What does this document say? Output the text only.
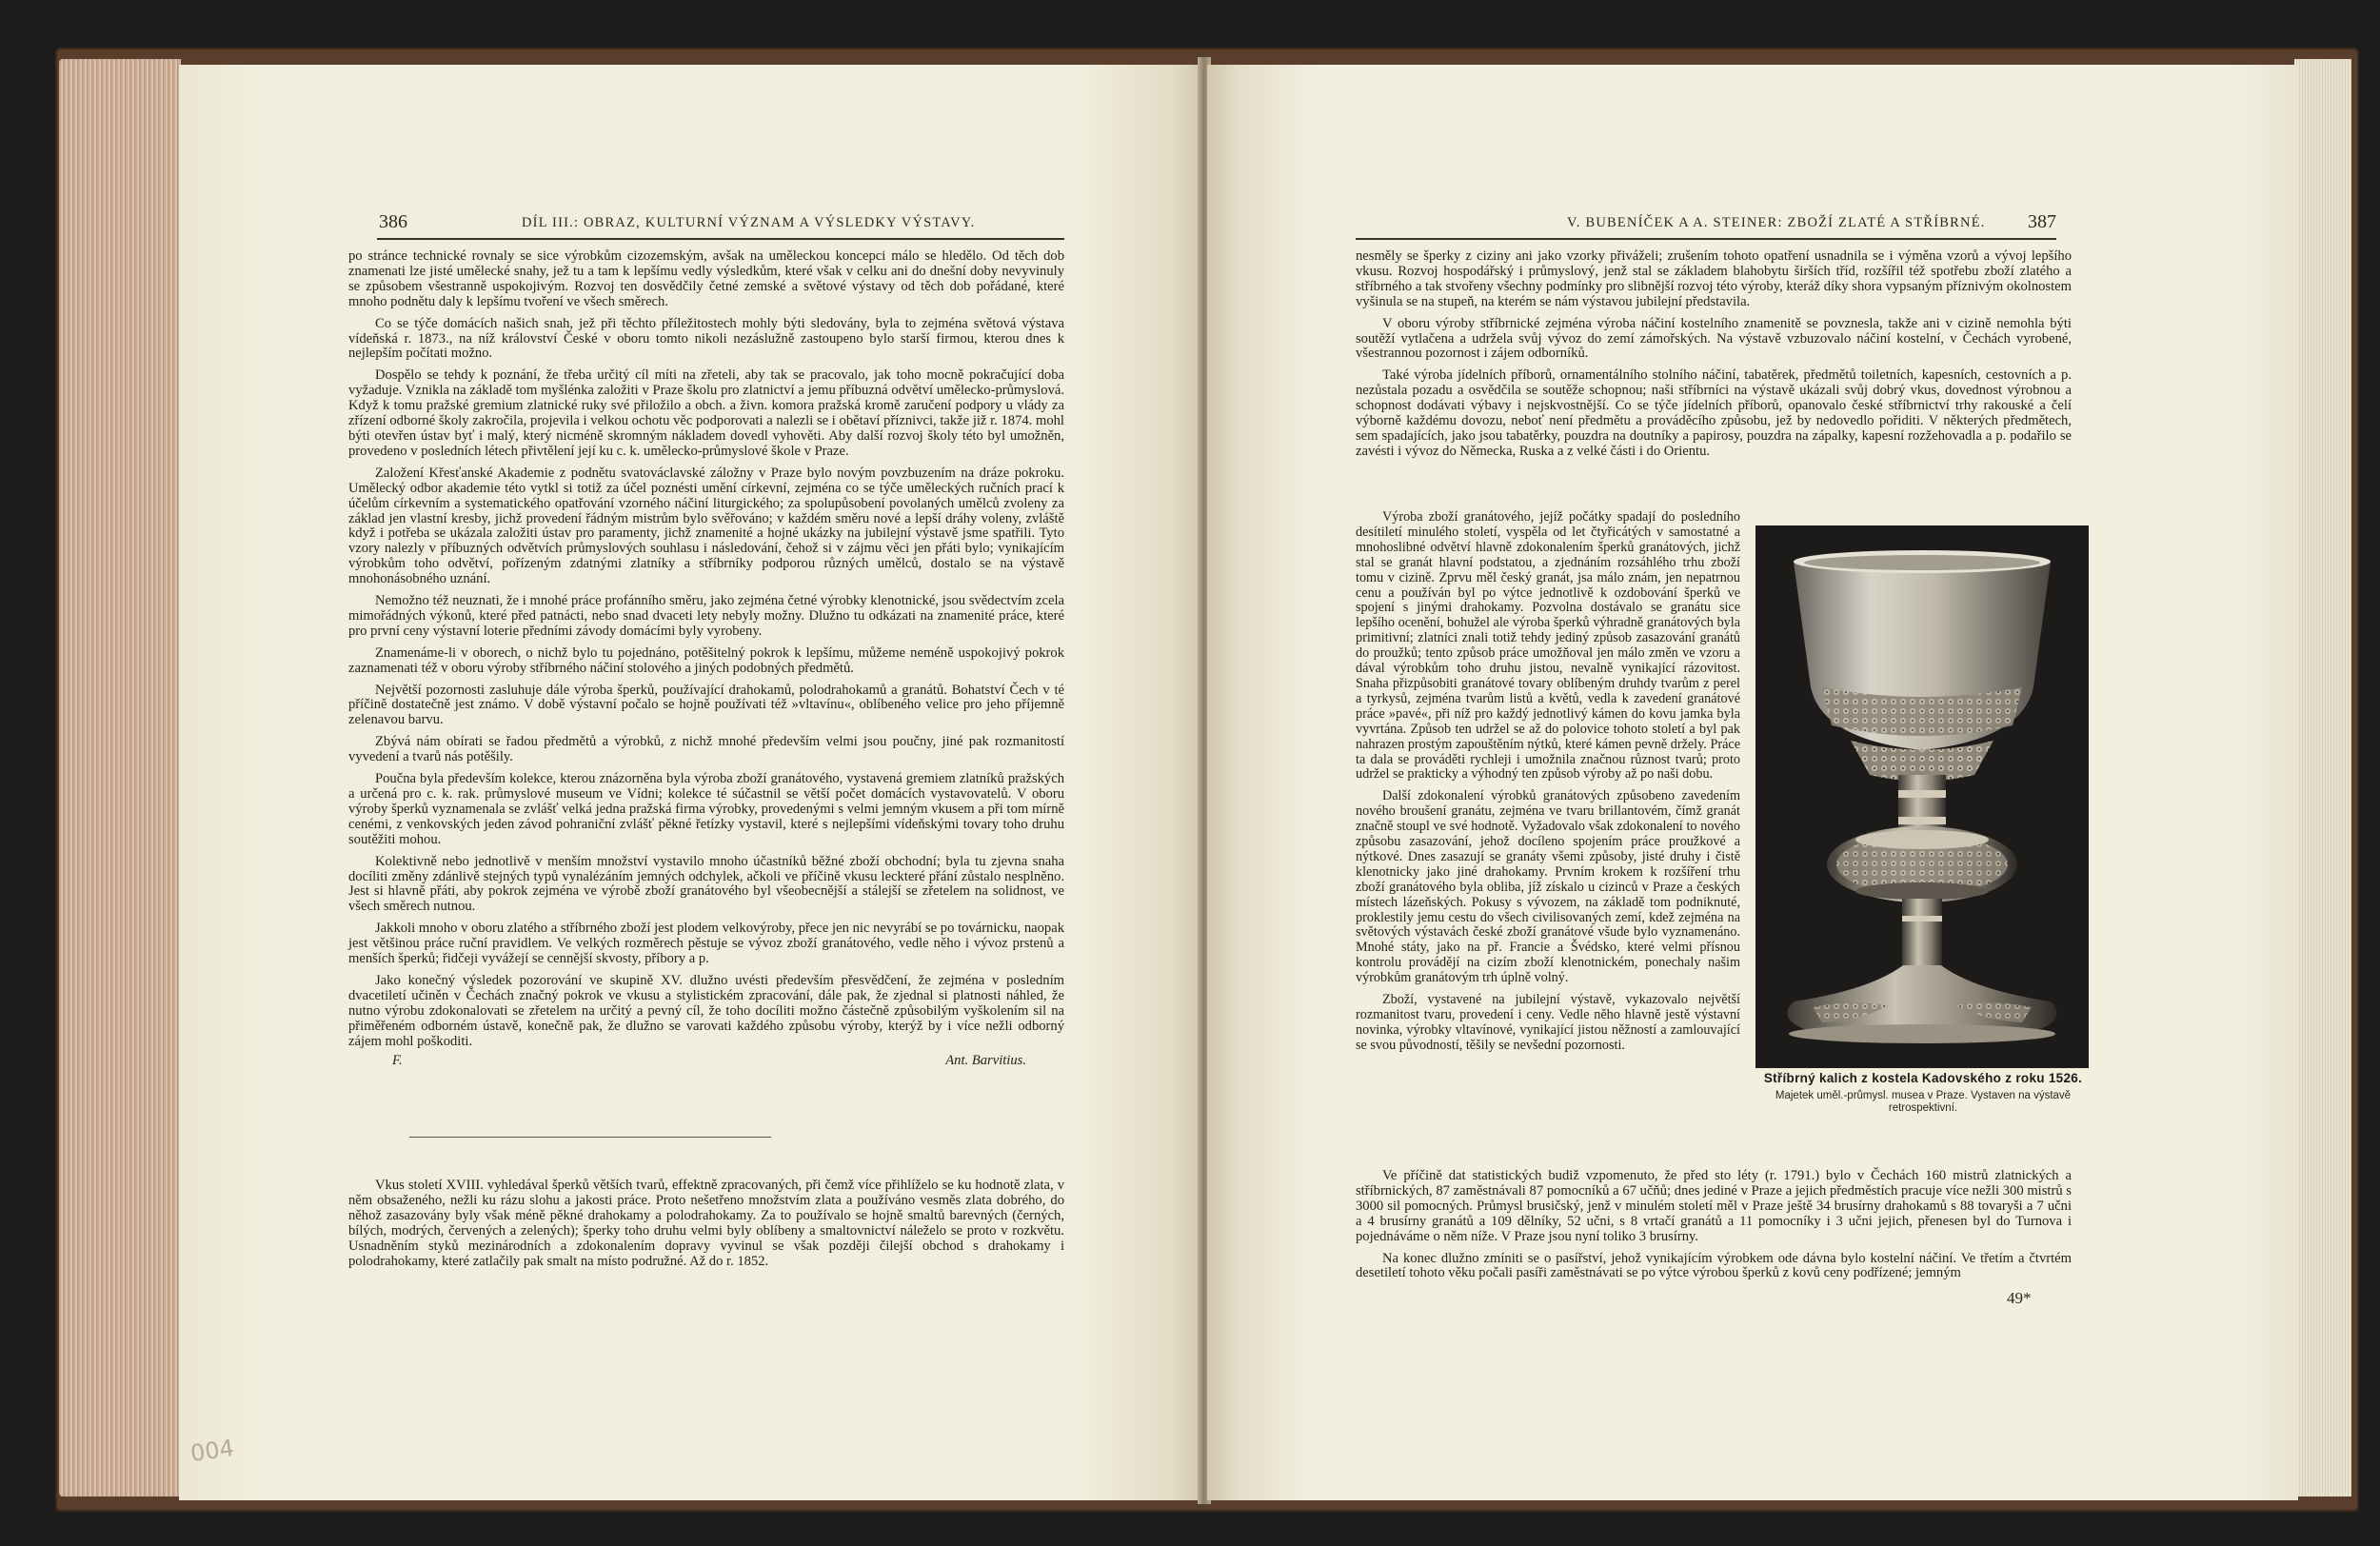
386	DÍL III.: OBRAZ, KULTURNÍ VÝZNAM A VÝSLEDKY VÝSTAVY.

po stránce technické rovnaly se sice výrobkům cizozemským, avšak na uměleckou koncepci málo se hledělo. Od těch dob znamenati lze jisté umělecké snahy, jež tu a tam k lepšímu vedly výsledkům, které však v celku ani do dnešní doby nevyvinuly se způsobem všestranně uspokojivým. Rozvoj ten dosvědčily četné zemské a světové výstavy od těch dob pořádané, které mnoho podnětu daly k lepšímu tvoření ve všech směrech.

Co se týče domácích našich snah, jež při těchto příležitostech mohly býti sledovány, byla to zejména světová výstava vídeňská r. 1873., na níž království České v oboru tomto nikoli nezáslužně zastoupeno bylo starší firmou, kterou dnes k nejlepším počítati možno.

Dospělo se tehdy k poznání, že třeba určitý cíl míti na zřeteli, aby tak se pracovalo, jak toho mocně pokračující doba vyžaduje. Vznikla na základě tom myšlénka založiti v Praze školu pro zlatnictví a jemu příbuzná odvětví umělecko-průmyslová. Když k tomu pražské gremium zlatnické ruky své přiložilo a obch. a živn. komora pražská kromě zaručení podpory u vlády za zřízení odborné školy zakročila, projevila i velkou ochotu věc podporovati a nalezli se i obětaví příznivci, takže již r. 1874. mohl býti otevřen ústav byť i malý, který nicméně skromným nákladem dovedl vyhověti. Aby další rozvoj školy této byl umožněn, provedeno v posledních létech přivtělení její ku c. k. umělecko-průmyslové škole v Praze.

Založení Křesťanské Akademie z podnětu svatováclavské záložny v Praze bylo novým povzbuzením na dráze pokroku. Umělecký odbor akademie této vytkl si totiž za účel poznésti umění církevní, zejména co se týče uměleckých ručních prací k účelům církevním a systematického opatřování vzorného náčiní liturgického; za spolupůsobení povolaných umělců zvoleny za základ jen vlastní kresby, jichž provedení řádným mistrům bylo svěřováno; v každém směru nové a lepší dráhy voleny, zvláště když i potřeba se ukázala založiti ústav pro paramenty, jichž znamenité a hojné ukázky na jubilejní výstavě jsme spatřili. Tyto vzory nalezly v příbuzných odvětvích průmyslových souhlasu i následování, čehož si v zájmu věci jen přáti bylo; vynikajícím výrobkům toho odvětví, pořízeným zdatnými zlatníky a stříbrníky podporou různých umělců, dostalo se na výstavě mnohonásobného uznání.

Nemožno též neuznati, že i mnohé práce profánního směru, jako zejména četné výrobky klenotnické, jsou svědectvím zcela mimořádných výkonů, které před patnácti, nebo snad dvaceti lety nebyly možny. Dlužno tu odkázati na znamenité práce, které pro první ceny výstavní loterie předními závody domácími byly vyrobeny.

Znamenáme-li v oborech, o nichž bylo tu pojednáno, potěšitelný pokrok k lepšímu, můžeme neméně uspokojivý pokrok zaznamenati též v oboru výroby stříbrného náčiní stolového a jiných podobných předmětů.

Největší pozornosti zasluhuje dále výroba šperků, používající drahokamů, polodrahokamů a granátů. Bohatství Čech v té příčině dostatečně jest známo. V době výstavní počalo se hojně používati též »vltavínu«, oblíbeného velice pro jeho příjemně zelenavou barvu.

Zbývá nám obírati se řadou předmětů a výrobků, z nichž mnohé především velmi jsou poučny, jiné pak rozmanitostí vyvedení a tvarů nás potěšily.

Poučna byla především kolekce, kterou znázorněna byla výroba zboží granátového, vystavená gremiem zlatníků pražských a určená pro c. k. rak. průmyslové museum ve Vídni; kolekce té súčastnil se větší počet domácích vystavovatelů. V oboru výroby šperků vyznamenala se zvlášť velká jedna pražská firma výrobky, provedenými s velmi jemným vkusem a při tom mírně cenémi, z venkovských jeden závod pohraniční zvlášť pěkné řetízky vystavil, které s nejlepšími vídeňskými tovary toho druhu soutěžiti mohou.

Kolektivně nebo jednotlivě v menším množství vystavilo mnoho účastníků běžné zboží obchodní; byla tu zjevna snaha docíliti změny zdánlivě stejných typů vynalézáním jemných odchylek, ačkoli ve příčině vkusu leckteré přání zůstalo nesplněno. Jest si hlavně přáti, aby pokrok zejména ve výrobě zboží granátového byl všeobecnější a stálejší se zřetelem na solidnost, ve všech směrech nutnou.

Jakkoli mnoho v oboru zlatého a stříbrného zboží jest plodem velkovýroby, přece jen nic nevyrábí se po továrnicku, naopak jest většinou práce ruční pravidlem. Ve velkých rozměrech pěstuje se vývoz zboží granátového, vedle něho i vývoz prstenů a menších šperků; řidčeji vyvážejí se cennější skvosty, příbory a p.

Jako konečný výsledek pozorování ve skupině XV. dlužno uvésti především přesvědčení, že zejména v posledním dvacetiletí učiněn v Čechách značný pokrok ve vkusu a stylistickém zpracování, dále pak, že zjednal si platnosti náhled, že nutno výrobu zdokonalovati se zřetelem na určitý a pevný cíl, že toho docíliti možno částečně způsobilým vyškolením sil na přiměřeném odborném ústavě, konečně pak, že dlužno se varovati každého způsobu výroby, kterýž by i více nežli odborný zájem mohl poškoditi.

F.	Ant. Barvitius.

Vkus století XVIII. vyhledával šperků větších tvarů, effektně zpracovaných, při čemž více přihlíželo se ku hodnotě zlata, v něm obsaženého, nežli ku rázu slohu a jakosti práce. Proto nešetřeno množstvím zlata a používáno vesměs zlata dobrého, do něhož zasazovány byly však méně pěkné drahokamy a polodrahokamy. Za to používalo se hojně smaltů barevných (černých, bílých, modrých, červených a zelených); šperky toho druhu velmi byly oblíbeny a smaltovnictví náleželo se proto v rozkvětu. Usnadněním styků mezinárodních a zdokonalením dopravy vyvinul se však později čilejší obchod s drahokamy i polodrahokamy, které zatlačily pak smalt na místo podružné. Až do r. 1852.

004
V. BUBENÍČEK A A. STEINER: ZBOŽÍ ZLATÉ A STŘÍBRNÉ. 387

nesměly se šperky z ciziny ani jako vzorky přiváželi; zrušením tohoto opatření usnadnila se i výměna vzorů a vývoj lepšího vkusu. Rozvoj hospodářský i průmyslový, jenž stal se základem blahobytu širších tříd, rozšířil též spotřebu zboží zlatého a stříbrného a tak stvořeny všechny podmínky pro slibnější rozvoj této výroby, kteráž díky shora vypsaným příznivým okolnostem vyšinula se na stupeň, na kterém se nám výstavou jubilejní představila.

V oboru výroby stříbrnické zejména výroba náčiní kostelního znamenitě se povznesla, takže ani v cizině nemohla býti soutěží vytlačena a udržela svůj vývoz do zemí zámořských. Na výstavě vzbuzovalo náčiní kostelní, v Čechách vyrobené, všestrannou pozornost i zájem odborníků.

Také výroba jídelních příborů, ornamentálního stolního náčiní, tabatěrek, předmětů toiletních, kapesních, cestovních a p. nezůstala pozadu a osvědčila se soutěže schopnou; naši stříbrníci na výstavě ukázali svůj dobrý vkus, dovednost výrobnou a schopnost dodávati výbavy i nejskvostnější. Co se týče jídelních příborů, opanovalo české stříbrnictví trhy rakouské a čelí výborně každému dovozu, neboť není předmětu a prováděcího způsobu, jež by nedovedlo pořiditi. V některých předmětech, sem spadajících, jako jsou tabatěrky, pouzdra na doutníky a papirosy, pouzdra na zápalky, kapesní rozžehovadla a p. podařilo se zavésti i vývoz do Německa, Ruska a z velké části i do Orientu.

Výroba zboží granátového, jejíž počátky spadají do posledního desítiletí minulého století, vyspěla od let čtyřicátých v samostatné a mnohoslibné odvětví hlavně zdokonalením šperků granátových, jichž stal se granát hlavní podstatou, a zjednáním rozsáhlého trhu zboží tomu v cizině. Zprvu měl český granát, jsa málo znám, jen nepatrnou cenu a používán byl po výtce jednotlivě k ozdobování šperků ve spojení s jinými drahokamy. Pozvolna dostávalo se granátu sice lepšího ocenění, bohužel ale výroba šperků výhradně granátových byla primitivní; zlatníci znali totiž tehdy jediný způsob zasazování granátů do proužků; tento způsob práce umožňoval jen málo změn ve vzoru a dával výrobkům toho druhu jistou, nevalně vynikající rázovitost. Snaha přizpůsobiti granátové tovary oblíbeným druhdy tvarům z perel a tyrkysů, zejména tvarům listů a květů, vedla k zavedení granátové práce »pavé«, při níž pro každý jednotlivý kámen do kovu jamka byla vyvrtána. Způsob ten udržel se až do polovice tohoto století a byl pak nahrazen prostým zapouštěním nýtků, které kámen pevně držely. Práce ta dala se prováděti rychleji i umožnila značnou různost tvarů; proto udržel se prakticky a výhodný ten způsob výroby až po naši dobu.

Další zdokonalení výrobků granátových způsobeno zavedením nového broušení granátu, zejména ve tvaru brillantovém, čímž granát značně stoupl ve své hodnotě. Vyžadovalo však zdokonalení to nového způsobu zasazování, jehož docíleno spojením práce proužkové a nýtkové. Dnes zasazují se granáty všemi způsoby, jisté druhy i čistě klenotnicky jako jiné drahokamy. Prvním krokem k rozšíření trhu zboží granátového byla obliba, jíž získalo u cizinců v Praze a českých místech lázeňských. Pokusy s vývozem, na základě tom podniknuté, proklestily jemu cestu do všech civilisovaných zemí, kdež zejména na světových výstavách české zboží granátové všude bylo vyznamenáno. Mnohé státy, jako na př. Francie a Švédsko, které velmi přísnou kontrolu provádějí na cizím zboží klenotnickém, ponechaly našim výrobkům granátovým trh úplně volný.

Zboží, vystavené na jubilejní výstavě, vykazovalo největší rozmanitost tvaru, provedení i ceny. Vedle něho hlavně jestě výstavní novinka, výrobky vltavínové, vynikající jistou něžností a zamlouvající se svou původností, těšily se nevšední pozornosti.

Stříbrný kalich z kostela Kadovského z roku 1526.
Majetek uměl.-průmysl. musea v Praze. Vystaven na výstavě retrospektivní.

Ve příčině dat statistických budiž vzpomenuto, že před sto léty (r. 1791.) bylo v Čechách 160 mistrů zlatnických a stříbrnických, 87 zaměstnávali 87 pomocníků a 67 učňů; dnes jediné v Praze a jejich předměstích pracuje více nežli 300 mistrů s 3000 sil pomocných. Průmysl brusičský, jenž v minulém století měl v Praze ještě 34 brusírny drahokamů s 88 tovaryši a 7 učni a 4 brusírny granátů a 109 dělníky, 52 učni, s 8 vrtačí granátů a 11 pomocníky i 3 učni jejich, přenesen byl do Turnova i pojednáváme o něm níže. V Praze jsou nyní toliko 3 brusírny.

Na konec dlužno zmíniti se o pasířství, jehož vynikajícím výrobkem ode dávna bylo kostelní náčiní. Ve třetím a čtvrtém desetiletí tohoto věku počali pasíři zaměstnávati se po výtce výrobou šperků z kovů ceny podřízené; jemným

49*
